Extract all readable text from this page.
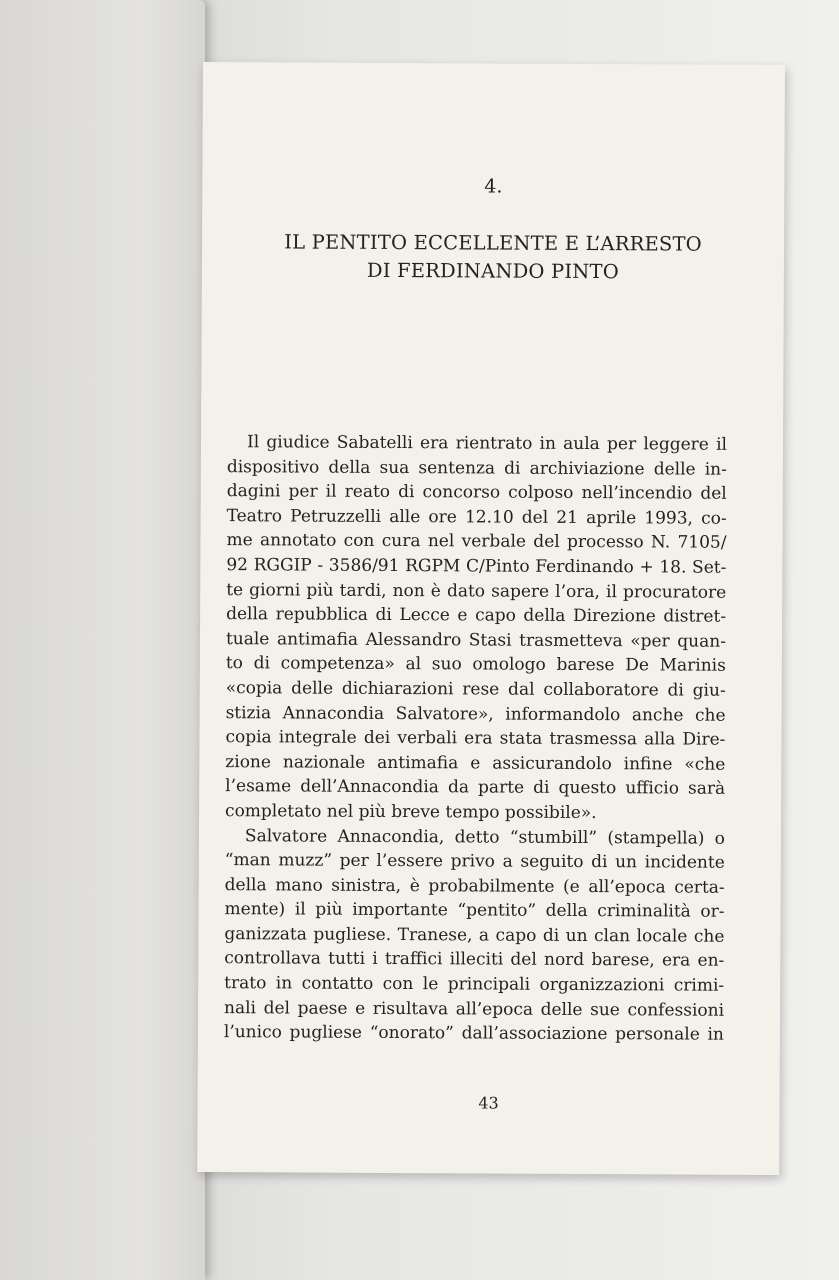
4.
IL PENTITO ECCELLENTE E L’ARRESTO
DI FERDINANDO PINTO
Il giudice Sabatelli era rientrato in aula per leggere il
dispositivo della sua sentenza di archiviazione delle in-
dagini per il reato di concorso colposo nell’incendio del
Teatro Petruzzelli alle ore 12.10 del 21 aprile 1993, co-
me annotato con cura nel verbale del processo N. 7105/
92 RGGIP - 3586/91 RGPM C/Pinto Ferdinando + 18. Set-
te giorni più tardi, non è dato sapere l’ora, il procuratore
della repubblica di Lecce e capo della Direzione distret-
tuale antimafia Alessandro Stasi trasmetteva «per quan-
to di competenza» al suo omologo barese De Marinis
«copia delle dichiarazioni rese dal collaboratore di giu-
stizia Annacondia Salvatore», informandolo anche che
copia integrale dei verbali era stata trasmessa alla Dire-
zione nazionale antimafia e assicurandolo infine «che
l’esame dell’Annacondia da parte di questo ufficio sarà
completato nel più breve tempo possibile».
Salvatore Annacondia, detto “stumbill” (stampella) o
“man muzz” per l’essere privo a seguito di un incidente
della mano sinistra, è probabilmente (e all’epoca certa-
mente) il più importante “pentito” della criminalità or-
ganizzata pugliese. Tranese, a capo di un clan locale che
controllava tutti i traffici illeciti del nord barese, era en-
trato in contatto con le principali organizzazioni crimi-
nali del paese e risultava all’epoca delle sue confessioni
l’unico pugliese “onorato” dall’associazione personale in
43
